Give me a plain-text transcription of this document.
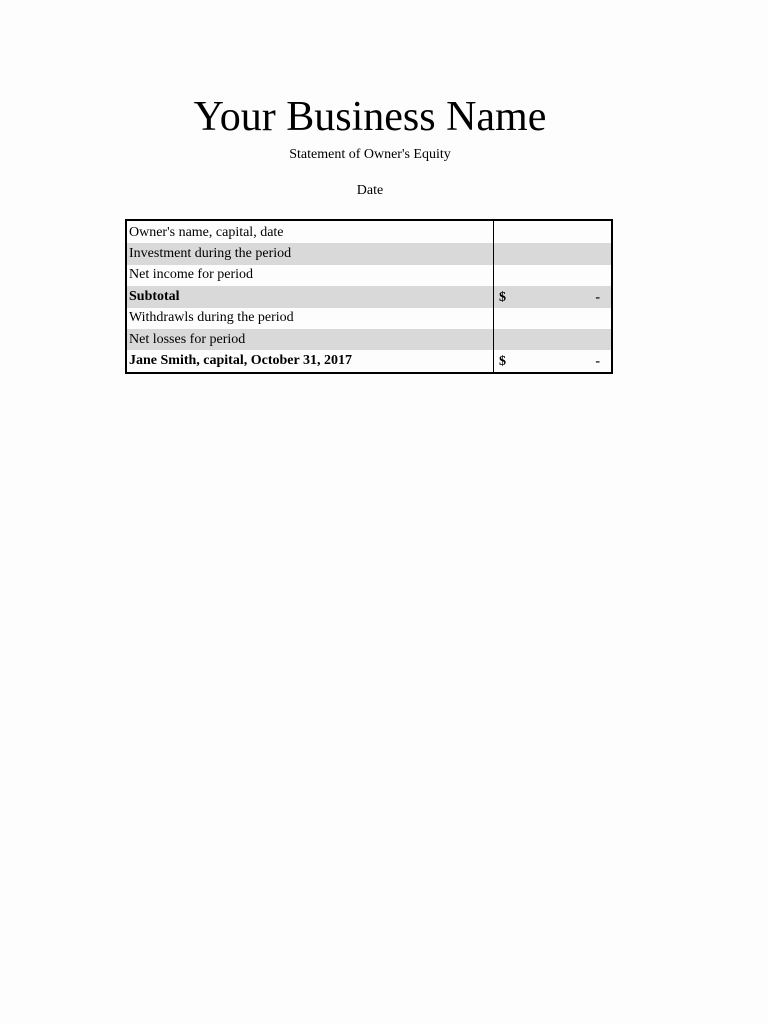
Your Business Name
Statement of Owner's Equity
Date
Owner's name, capital, date	

Investment during the period	

Net income for period	

Subtotal	$ -

Withdrawls during the period	

Net losses for period	

Jane Smith, capital, October 31, 2017	$ -
